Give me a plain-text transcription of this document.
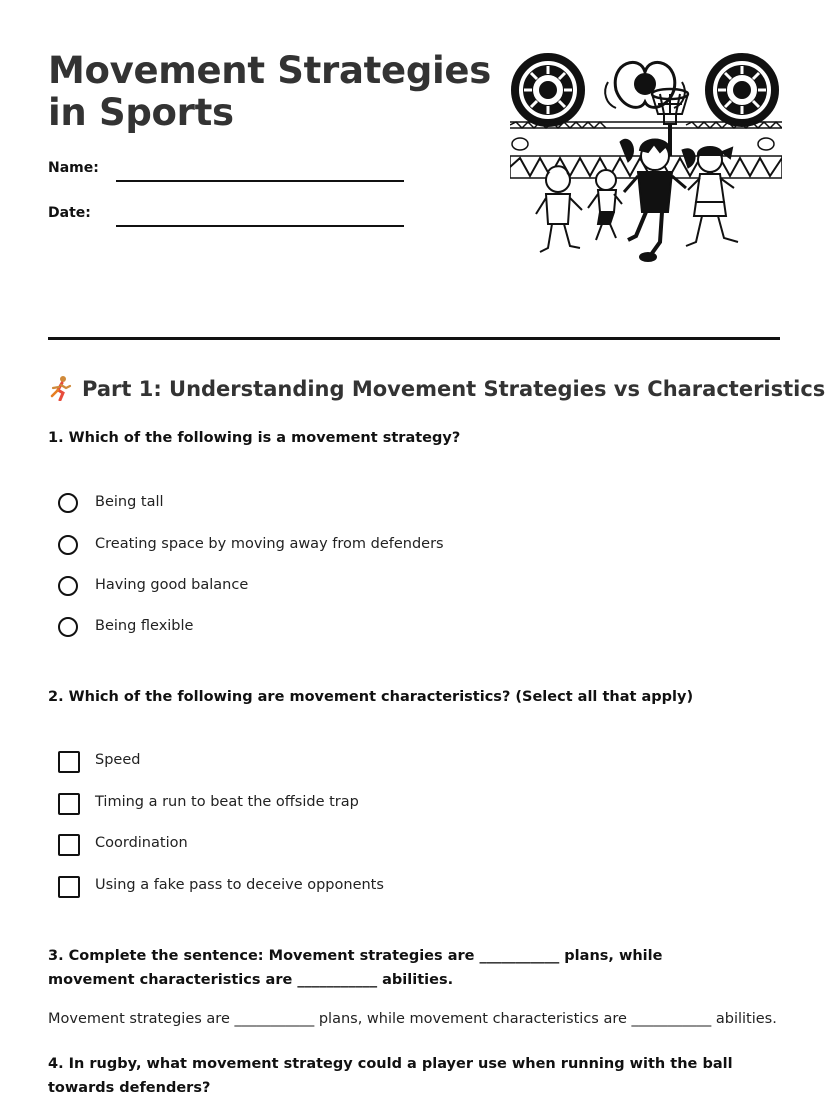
Movement Strategies in Sports
Name:
Date:
Part 1: Understanding Movement Strategies vs Characteristics

1. Which of the following is a movement strategy?

Being tall
Creating space by moving away from defenders
Having good balance
Being flexible

2. Which of the following are movement characteristics? (Select all that apply)

Speed
Timing a run to beat the offside trap
Coordination
Using a fake pass to deceive opponents

3. Complete the sentence: Movement strategies are ___________ plans, while movement characteristics are ___________ abilities.

Movement strategies are ___________ plans, while movement characteristics are ___________ abilities.

4. In rugby, what movement strategy could a player use when running with the ball towards defenders?
